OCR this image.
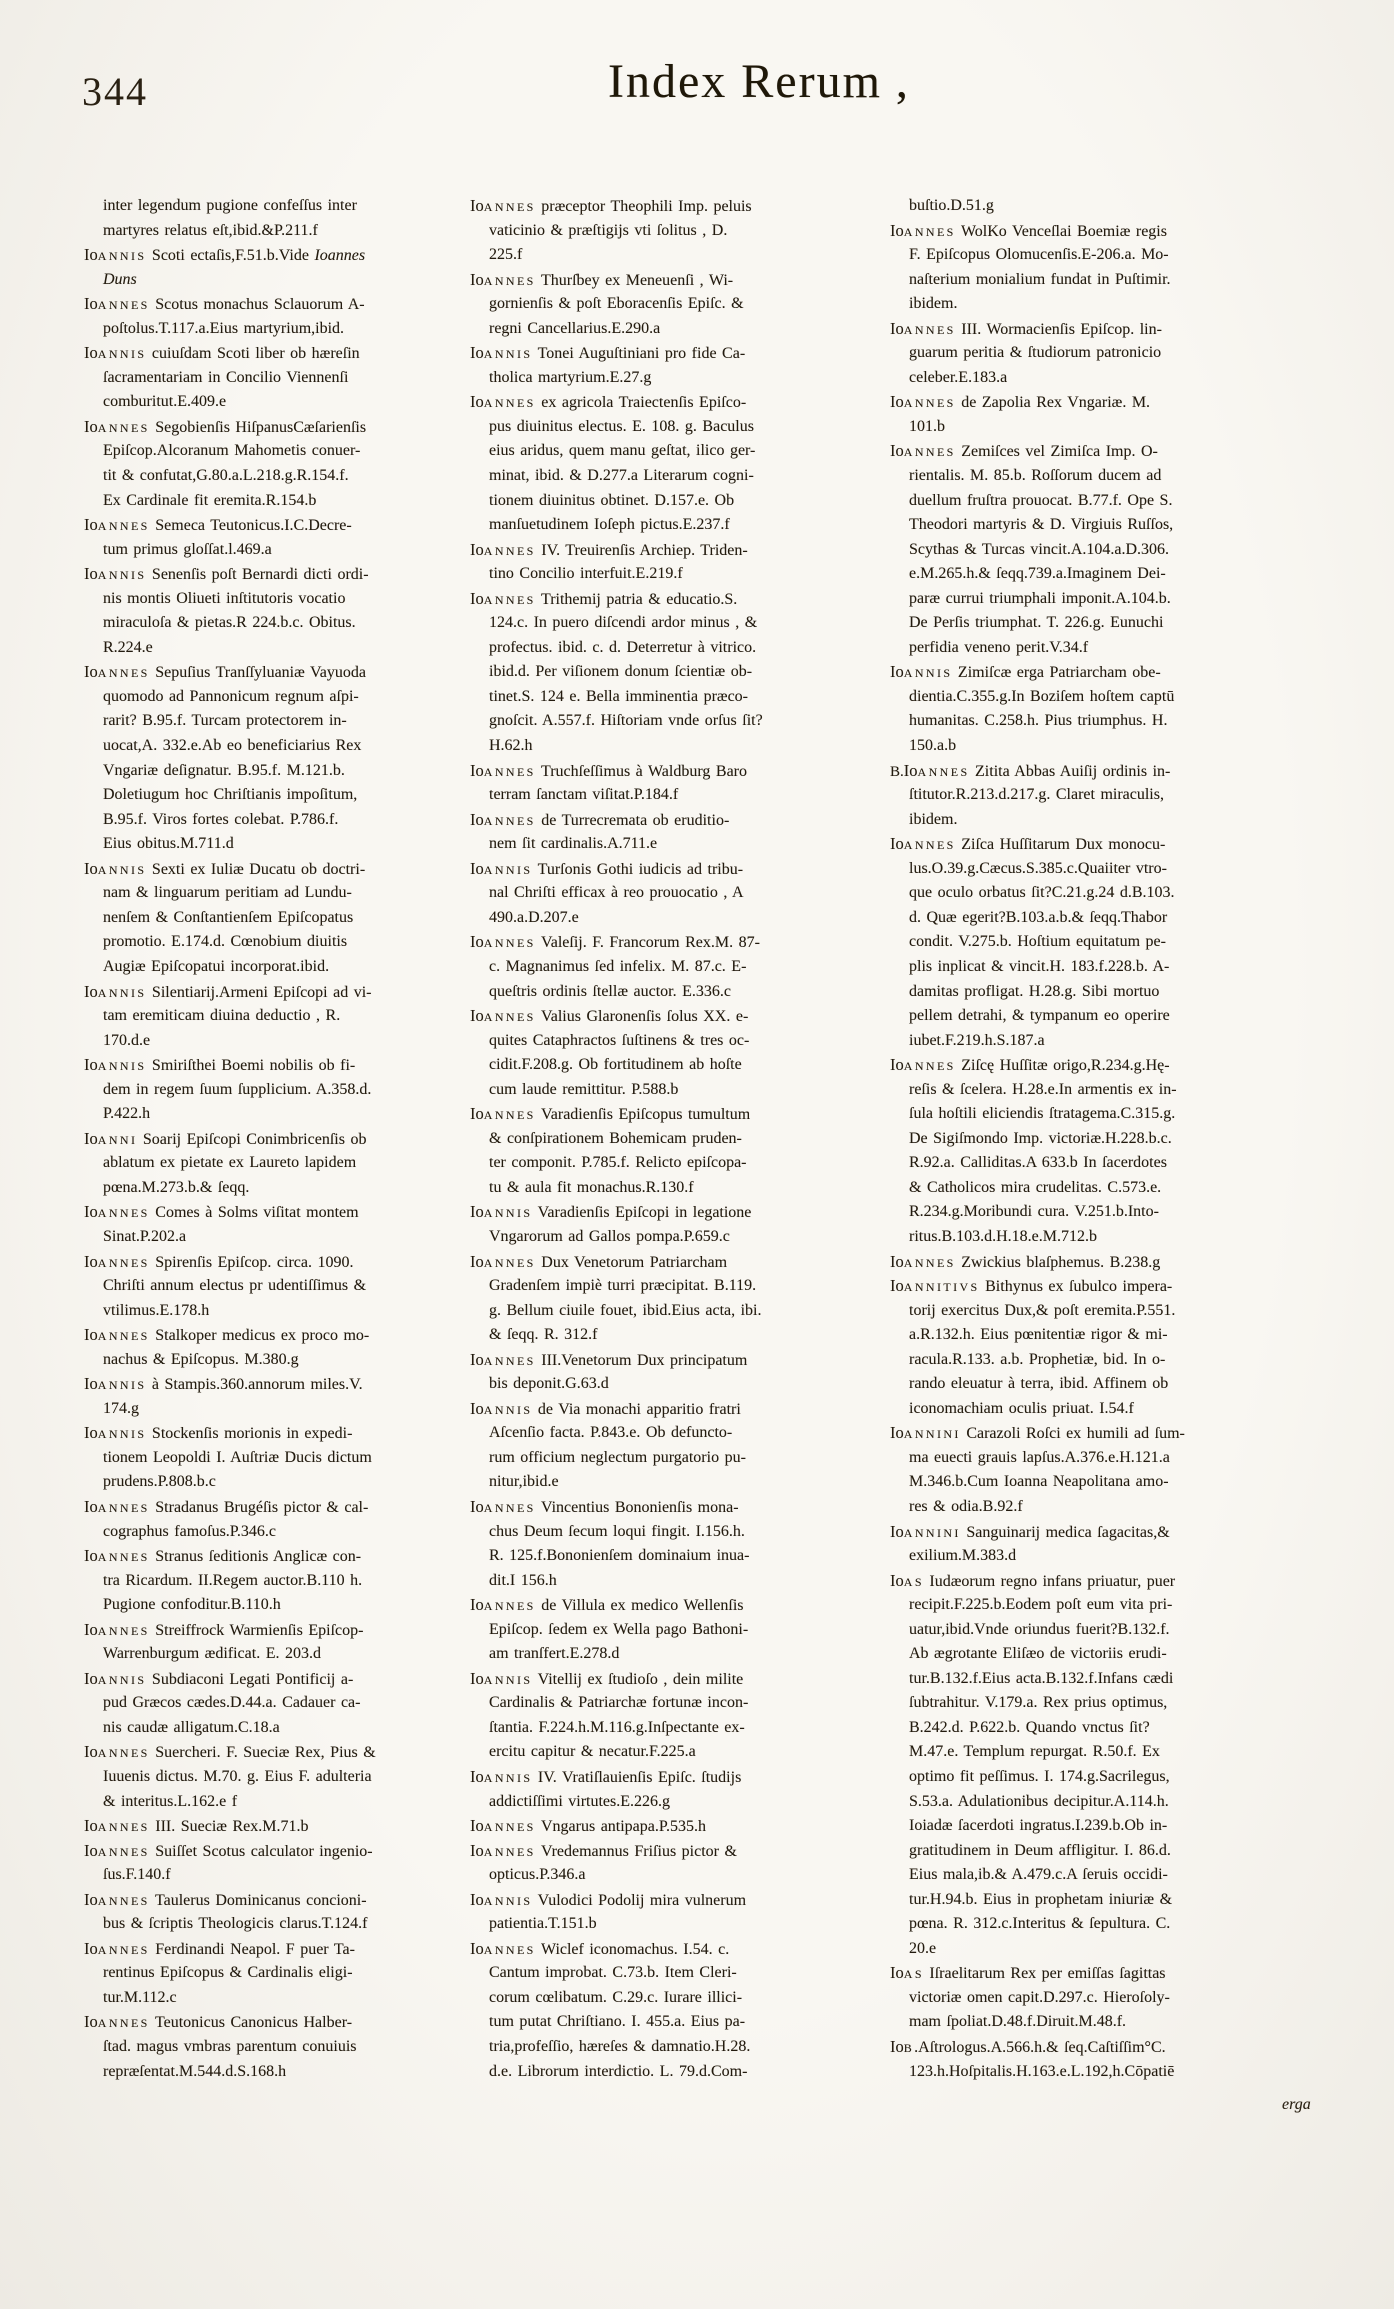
344	Index Rerum ,
inter legendum pugione confeſſus inter
martyres relatus eſt,ibid.&P.211.f
IoANNIS Scoti ectaſis,F.51.b.Vide Ioannes
Duns
IoANNES Scotus monachus Sclauorum A-
poſtolus.T.117.a.Eius martyrium,ibid.
IoANNIS cuiuſdam Scoti liber ob hæreſin
ſacramentariam in Concilio Viennenſi
comburitut.E.409.e
IoANNES Segobienſis HiſpanusCæſarienſis
Epiſcop.Alcoranum Mahometis conuer-
tit & confutat,G.80.a.L.218.g.R.154.f.
Ex Cardinale fit eremita.R.154.b
IoANNES Semeca Teutonicus.I.C.Decre-
tum primus gloſſat.l.469.a
IoANNIS Senenſis poſt Bernardi dicti ordi-
nis montis Oliueti inſtitutoris vocatio
miraculoſa & pietas.R 224.b.c. Obitus.
R.224.e
IoANNES Sepuſius Tranſſyluaniæ Vayuoda
quomodo ad Pannonicum regnum aſpi-
rarit? B.95.f. Turcam protectorem in-
uocat,A. 332.e.Ab eo beneficiarius Rex
Vngariæ deſignatur. B.95.f. M.121.b.
Doletiugum hoc Chriſtianis impoſitum,
B.95.f. Viros fortes colebat. P.786.f.
Eius obitus.M.711.d
IoANNIS Sexti ex Iuliæ Ducatu ob doctri-
nam & linguarum peritiam ad Lundu-
nenſem & Conſtantienſem Epiſcopatus
promotio. E.174.d. Cœnobium diuitis
Augiæ Epiſcopatui incorporat.ibid.
IoANNIS Silentiarij.Armeni Epiſcopi ad vi-
tam eremiticam diuina deductio , R.
170.d.e
IoANNIS Smiriſthei Boemi nobilis ob fi-
dem in regem ſuum ſupplicium. A.358.d.
P.422.h
IoANNI Soarij Epiſcopi Conimbricenſis ob
ablatum ex pietate ex Laureto lapidem
pœna.M.273.b.& ſeqq.
IoANNES Comes à Solms viſitat montem
Sinat.P.202.a
IoANNES Spirenſis Epiſcop. circa. 1090.
Chriſti annum electus pr udentiſſimus &
vtilimus.E.178.h
IoANNES Stalkoper medicus ex proco mo-
nachus & Epiſcopus. M.380.g
IoANNIS à Stampis.360.annorum miles.V.
174.g
IoANNIS Stockenſis morionis in expedi-
tionem Leopoldi I. Auſtriæ Ducis dictum
prudens.P.808.b.c
IoANNES Stradanus Brugéſis pictor & cal-
cographus famoſus.P.346.c
IoANNES Stranus ſeditionis Anglicæ con-
tra Ricardum. II.Regem auctor.B.110 h.
Pugione confoditur.B.110.h
IoANNES Streiffrock Warmienſis Epiſcop-
Warrenburgum ædificat. E. 203.d
IoANNIS Subdiaconi Legati Pontificij a-
pud Græcos cædes.D.44.a. Cadauer ca-
nis caudæ alligatum.C.18.a
IoANNES Suercheri. F. Sueciæ Rex, Pius &
Iuuenis dictus. M.70. g. Eius F. adulteria
& interitus.L.162.e f
IoANNES III. Sueciæ Rex.M.71.b
IoANNES Suiſſet Scotus calculator ingenio-
ſus.F.140.f
IoANNES Taulerus Dominicanus concioni-
bus & ſcriptis Theologicis clarus.T.124.f
IoANNES Ferdinandi Neapol. F puer Ta-
rentinus Epiſcopus & Cardinalis eligi-
tur.M.112.c
IoANNES Teutonicus Canonicus Halber-
ſtad. magus vmbras parentum conuiuis
repræſentat.M.544.d.S.168.h
IoANNES præceptor Theophili Imp. peluis
vaticinio & præſtigijs vti ſolitus , D.
225.f
IoANNES Thurſbey ex Meneuenſi , Wi-
gornienſis & poſt Eboracenſis Epiſc. &
regni Cancellarius.E.290.a
IoANNIS Tonei Auguſtiniani pro fide Ca-
tholica martyrium.E.27.g
IoANNES ex agricola Traiectenſis Epiſco-
pus diuinitus electus. E. 108. g. Baculus
eius aridus, quem manu geſtat, ilico ger-
minat, ibid. & D.277.a Literarum cogni-
tionem diuinitus obtinet. D.157.e. Ob
manſuetudinem Ioſeph pictus.E.237.f
IoANNES IV. Treuirenſis Archiep. Triden-
tino Concilio interfuit.E.219.f
IoANNES Trithemij patria & educatio.S.
124.c. In puero diſcendi ardor minus , &
profectus. ibid. c. d. Deterretur à vitrico.
ibid.d. Per viſionem donum ſcientiæ ob-
tinet.S. 124 e. Bella imminentia præco-
gnoſcit. A.557.f. Hiſtoriam vnde orſus ſit?
H.62.h
IoANNES Truchſeſſimus à Waldburg Baro
terram ſanctam viſitat.P.184.f
IoANNES de Turrecremata ob eruditio-
nem ſit cardinalis.A.711.e
IoANNIS Turſonis Gothi iudicis ad tribu-
nal Chriſti efficax à reo prouocatio , A
490.a.D.207.e
IoANNES Valeſij. F. Francorum Rex.M. 87-
c. Magnanimus ſed infelix. M. 87.c. E-
queſtris ordinis ſtellæ auctor. E.336.c
IoANNES Valius Glaronenſis ſolus XX. e-
quites Cataphractos ſuſtinens & tres oc-
cidit.F.208.g. Ob fortitudinem ab hoſte
cum laude remittitur. P.588.b
IoANNES Varadienſis Epiſcopus tumultum
& conſpirationem Bohemicam pruden-
ter componit. P.785.f. Relicto epiſcopa-
tu & aula fit monachus.R.130.f
IoANNIS Varadienſis Epiſcopi in legatione
Vngarorum ad Gallos pompa.P.659.c
IoANNES Dux Venetorum Patriarcham
Gradenſem impiè turri præcipitat. B.119.
g. Bellum ciuile fouet, ibid.Eius acta, ibi.
& ſeqq. R. 312.f
IoANNES III.Venetorum Dux principatum
bis deponit.G.63.d
IoANNIS de Via monachi apparitio fratri
Aſcenſio facta. P.843.e. Ob defuncto-
rum officium neglectum purgatorio pu-
nitur,ibid.e
IoANNES Vincentius Bononienſis mona-
chus Deum ſecum loqui fingit. I.156.h.
R. 125.f.Bononienſem dominaium inua-
dit.I 156.h
IoANNES de Villula ex medico Wellenſis
Epiſcop. ſedem ex Wella pago Bathoni-
am tranſfert.E.278.d
IoANNIS Vitellij ex ſtudioſo , dein milite
Cardinalis & Patriarchæ fortunæ incon-
ſtantia. F.224.h.M.116.g.Inſpectante ex-
ercitu capitur & necatur.F.225.a
IoANNIS IV. Vratiſlauienſis Epiſc. ſtudijs
addictiſſimi virtutes.E.226.g
IoANNES Vngarus antipapa.P.535.h
IoANNES Vredemannus Friſius pictor &
opticus.P.346.a
IoANNIS Vulodici Podolij mira vulnerum
patientia.T.151.b
IoANNES Wiclef iconomachus. I.54. c.
Cantum improbat. C.73.b. Item Cleri-
corum cœlibatum. C.29.c. Iurare illici-
tum putat Chriſtiano. I. 455.a. Eius pa-
tria,profeſſio, hæreſes & damnatio.H.28.
d.e. Librorum interdictio. L. 79.d.Com-
buſtio.D.51.g
IoANNES WolKo Venceſlai Boemiæ regis
F. Epiſcopus Olomucenſis.E-206.a. Mo-
naſterium monialium fundat in Puſtimir.
ibidem.
IoANNES III. Wormacienſis Epiſcop. lin-
guarum peritia & ſtudiorum patronicio
celeber.E.183.a
IoANNES de Zapolia Rex Vngariæ. M.
101.b
IoANNES Zemiſces vel Zimiſca Imp. O-
rientalis. M. 85.b. Roſſorum ducem ad
duellum fruſtra prouocat. B.77.f. Ope S.
Theodori martyris & D. Virgiuis Ruſſos,
Scythas & Turcas vincit.A.104.a.D.306.
e.M.265.h.& ſeqq.739.a.Imaginem Dei-
paræ currui triumphali imponit.A.104.b.
De Perſis triumphat. T. 226.g. Eunuchi
perfidia veneno perit.V.34.f
IoANNIS Zimiſcæ erga Patriarcham obe-
dientia.C.355.g.In Boziſem hoſtem captū
humanitas. C.258.h. Pius triumphus. H.
150.a.b
B.IoANNES Zitita Abbas Auiſij ordinis in-
ſtitutor.R.213.d.217.g. Claret miraculis,
ibidem.
IoANNES Ziſca Huſſitarum Dux monocu-
lus.O.39.g.Cæcus.S.385.c.Quaiiter vtro-
que oculo orbatus ſit?C.21.g.24 d.B.103.
d. Quæ egerit?B.103.a.b.& ſeqq.Thabor
condit. V.275.b. Hoſtium equitatum pe-
plis inplicat & vincit.H. 183.f.228.b. A-
damitas profligat. H.28.g. Sibi mortuo
pellem detrahi, & tympanum eo operire
iubet.F.219.h.S.187.a
IoANNES Ziſcę Huſſitæ origo,R.234.g.Hę-
reſis & ſcelera. H.28.e.In armentis ex in-
ſula hoſtili eliciendis ſtratagema.C.315.g.
De Sigiſmondo Imp. victoriæ.H.228.b.c.
R.92.a. Calliditas.A 633.b In ſacerdotes
& Catholicos mira crudelitas. C.573.e.
R.234.g.Moribundi cura. V.251.b.Into-
ritus.B.103.d.H.18.e.M.712.b
IoANNES Zwickius blaſphemus. B.238.g
IoANNITIVS Bithynus ex ſubulco impera-
torij exercitus Dux,& poſt eremita.P.551.
a.R.132.h. Eius pœnitentiæ rigor & mi-
racula.R.133. a.b. Prophetiæ, bid. In o-
rando eleuatur à terra, ibid. Affinem ob
iconomachiam oculis priuat. I.54.f
IoANNINI Carazoli Roſci ex humili ad ſum-
ma euecti grauis lapſus.A.376.e.H.121.a
M.346.b.Cum Ioanna Neapolitana amo-
res & odia.B.92.f
IoANNINI Sanguinarij medica ſagacitas,&
exilium.M.383.d
IoAS Iudæorum regno infans priuatur, puer
recipit.F.225.b.Eodem poſt eum vita pri-
uatur,ibid.Vnde oriundus fuerit?B.132.f.
Ab ægrotante Eliſæo de victoriis erudi-
tur.B.132.f.Eius acta.B.132.f.Infans cædi
ſubtrahitur. V.179.a. Rex prius optimus,
B.242.d. P.622.b. Quando vnctus ſit?
M.47.e. Templum repurgat. R.50.f. Ex
optimo fit peſſimus. I. 174.g.Sacrilegus,
S.53.a. Adulationibus decipitur.A.114.h.
Ioiadæ ſacerdoti ingratus.I.239.b.Ob in-
gratitudinem in Deum affligitur. I. 86.d.
Eius mala,ib.& A.479.c.A ſeruis occidi-
tur.H.94.b. Eius in prophetam iniuriæ &
pœna. R. 312.c.Interitus & ſepultura. C.
20.e
IoAS Iſraelitarum Rex per emiſſas ſagittas
victoriæ omen capit.D.297.c. Hieroſoly-
mam ſpoliat.D.48.f.Diruit.M.48.f.
IoB.Aſtrologus.A.566.h.& ſeq.Caſtiſſim°C.
123.h.Hoſpitalis.H.163.e.L.192,h.Cōpatiē
erga
